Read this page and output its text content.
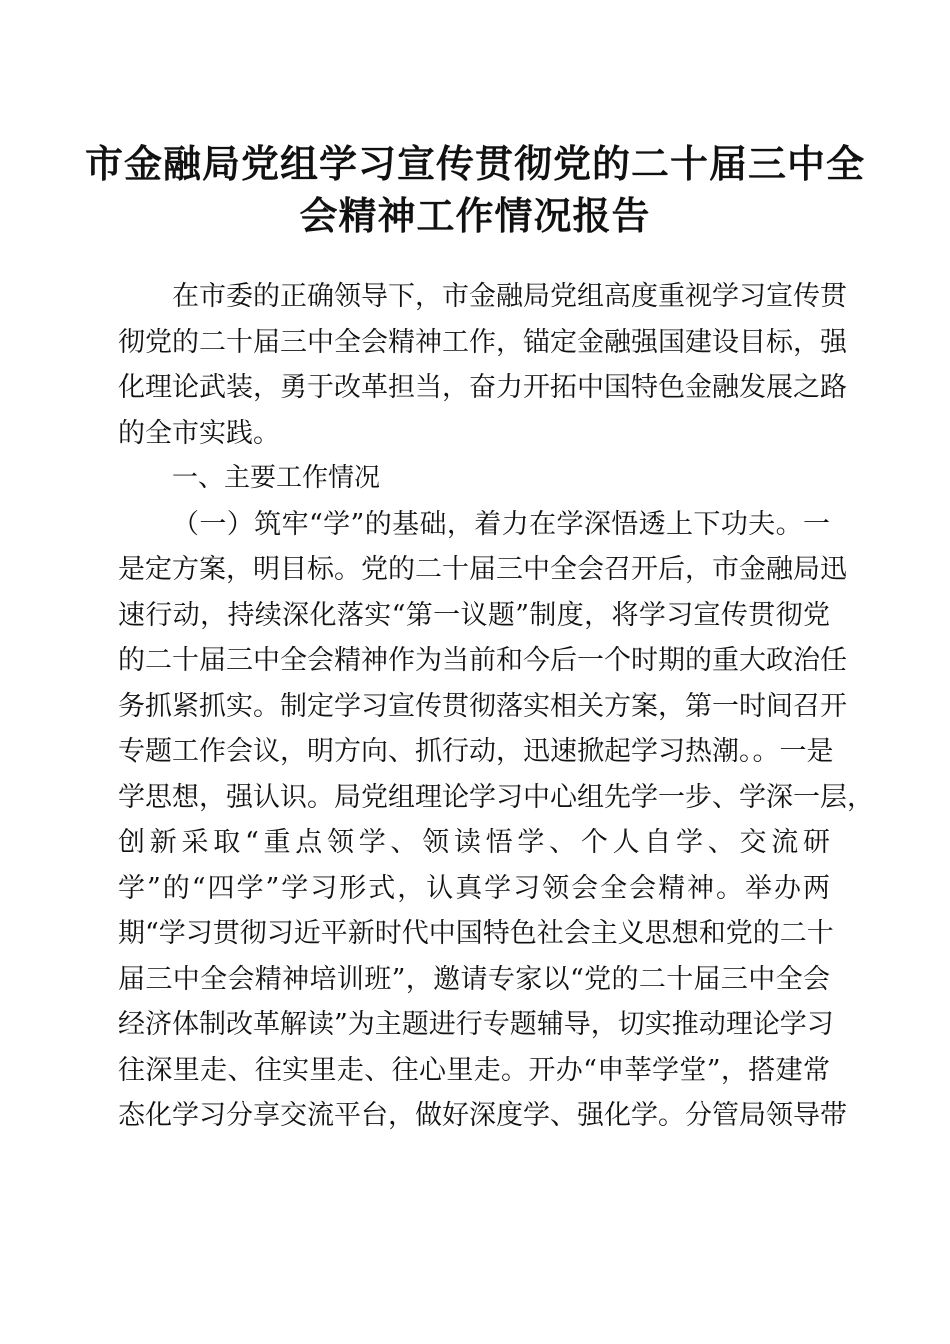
市金融局党组学习宣传贯彻党的二十届三中全
会精神工作情况报告

在市委的正确领导下，市金融局党组高度重视学习宣传贯
彻党的二十届三中全会精神工作，锚定金融强国建设目标，强
化理论武装，勇于改革担当，奋力开拓中国特色金融发展之路
的全市实践。

一、主要工作情况

（一）筑牢“学”的基础，着力在学深悟透上下功夫。一
是定方案，明目标。党的二十届三中全会召开后，市金融局迅
速行动，持续深化落实“第一议题”制度，将学习宣传贯彻党
的二十届三中全会精神作为当前和今后一个时期的重大政治任
务抓紧抓实。制定学习宣传贯彻落实相关方案，第一时间召开
专题工作会议，明方向、抓行动，迅速掀起学习热潮。。一是
学思想，强认识。局党组理论学习中心组先学一步、学深一层，
创新采取“重点领学、领读悟学、个人自学、交流研
学”的“四学”学习形式，认真学习领会全会精神。举办两
期“学习贯彻习近平新时代中国特色社会主义思想和党的二十
届三中全会精神培训班”，邀请专家以“党的二十届三中全会
经济体制改革解读”为主题进行专题辅导，切实推动理论学习
往深里走、往实里走、往心里走。开办“申莘学堂”，搭建常
态化学习分享交流平台，做好深度学、强化学。分管局领导带
